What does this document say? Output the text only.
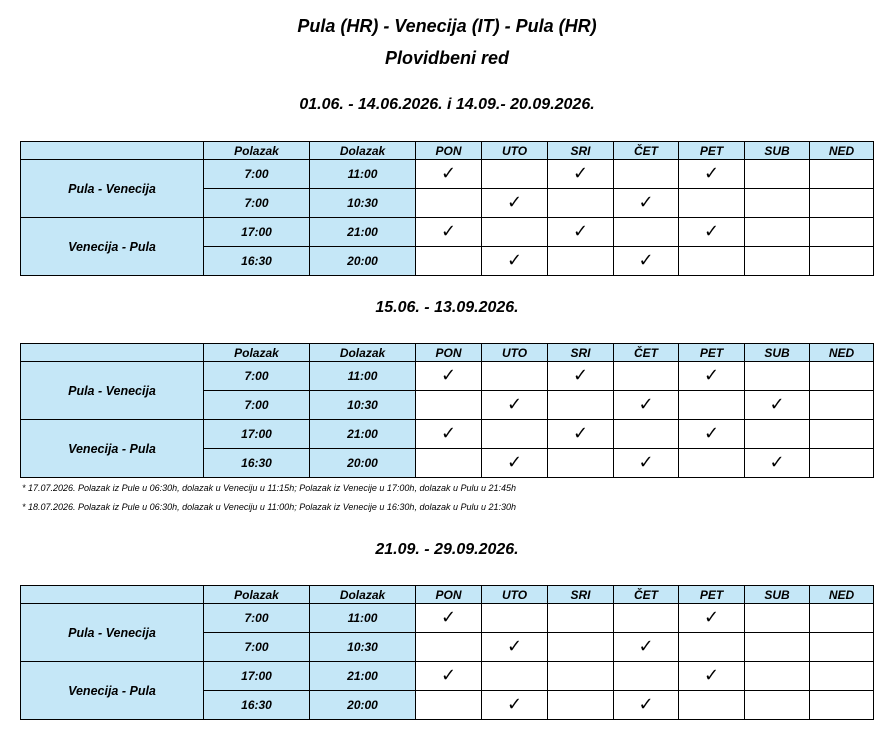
Pula (HR) - Venecija (IT) - Pula (HR)
Plovidbeni red
01.06. - 14.06.2026. i 14.09.- 20.09.2026.
	Polazak	Dolazak	PON	UTO	SRI	ČET	PET	SUB	NED
Pula - Venecija	7:00	11:00	✓		✓		✓		
	7:00	10:30		✓		✓			
Venecija - Pula	17:00	21:00	✓		✓		✓		
	16:30	20:00		✓		✓			
15.06. - 13.09.2026.
	Polazak	Dolazak	PON	UTO	SRI	ČET	PET	SUB	NED
Pula - Venecija	7:00	11:00	✓		✓		✓		
	7:00	10:30		✓		✓		✓	
Venecija - Pula	17:00	21:00	✓		✓		✓		
	16:30	20:00		✓		✓		✓	
* 17.07.2026. Polazak iz Pule u 06:30h, dolazak u Veneciju u 11:15h; Polazak iz Venecije u 17:00h, dolazak u Pulu u 21:45h
* 18.07.2026. Polazak iz Pule u 06:30h, dolazak u Veneciju u 11:00h; Polazak iz Venecije u 16:30h, dolazak u Pulu u 21:30h
21.09. - 29.09.2026.
	Polazak	Dolazak	PON	UTO	SRI	ČET	PET	SUB	NED
Pula - Venecija	7:00	11:00	✓				✓		
	7:00	10:30		✓		✓			
Venecija - Pula	17:00	21:00	✓				✓		
	16:30	20:00		✓		✓			
